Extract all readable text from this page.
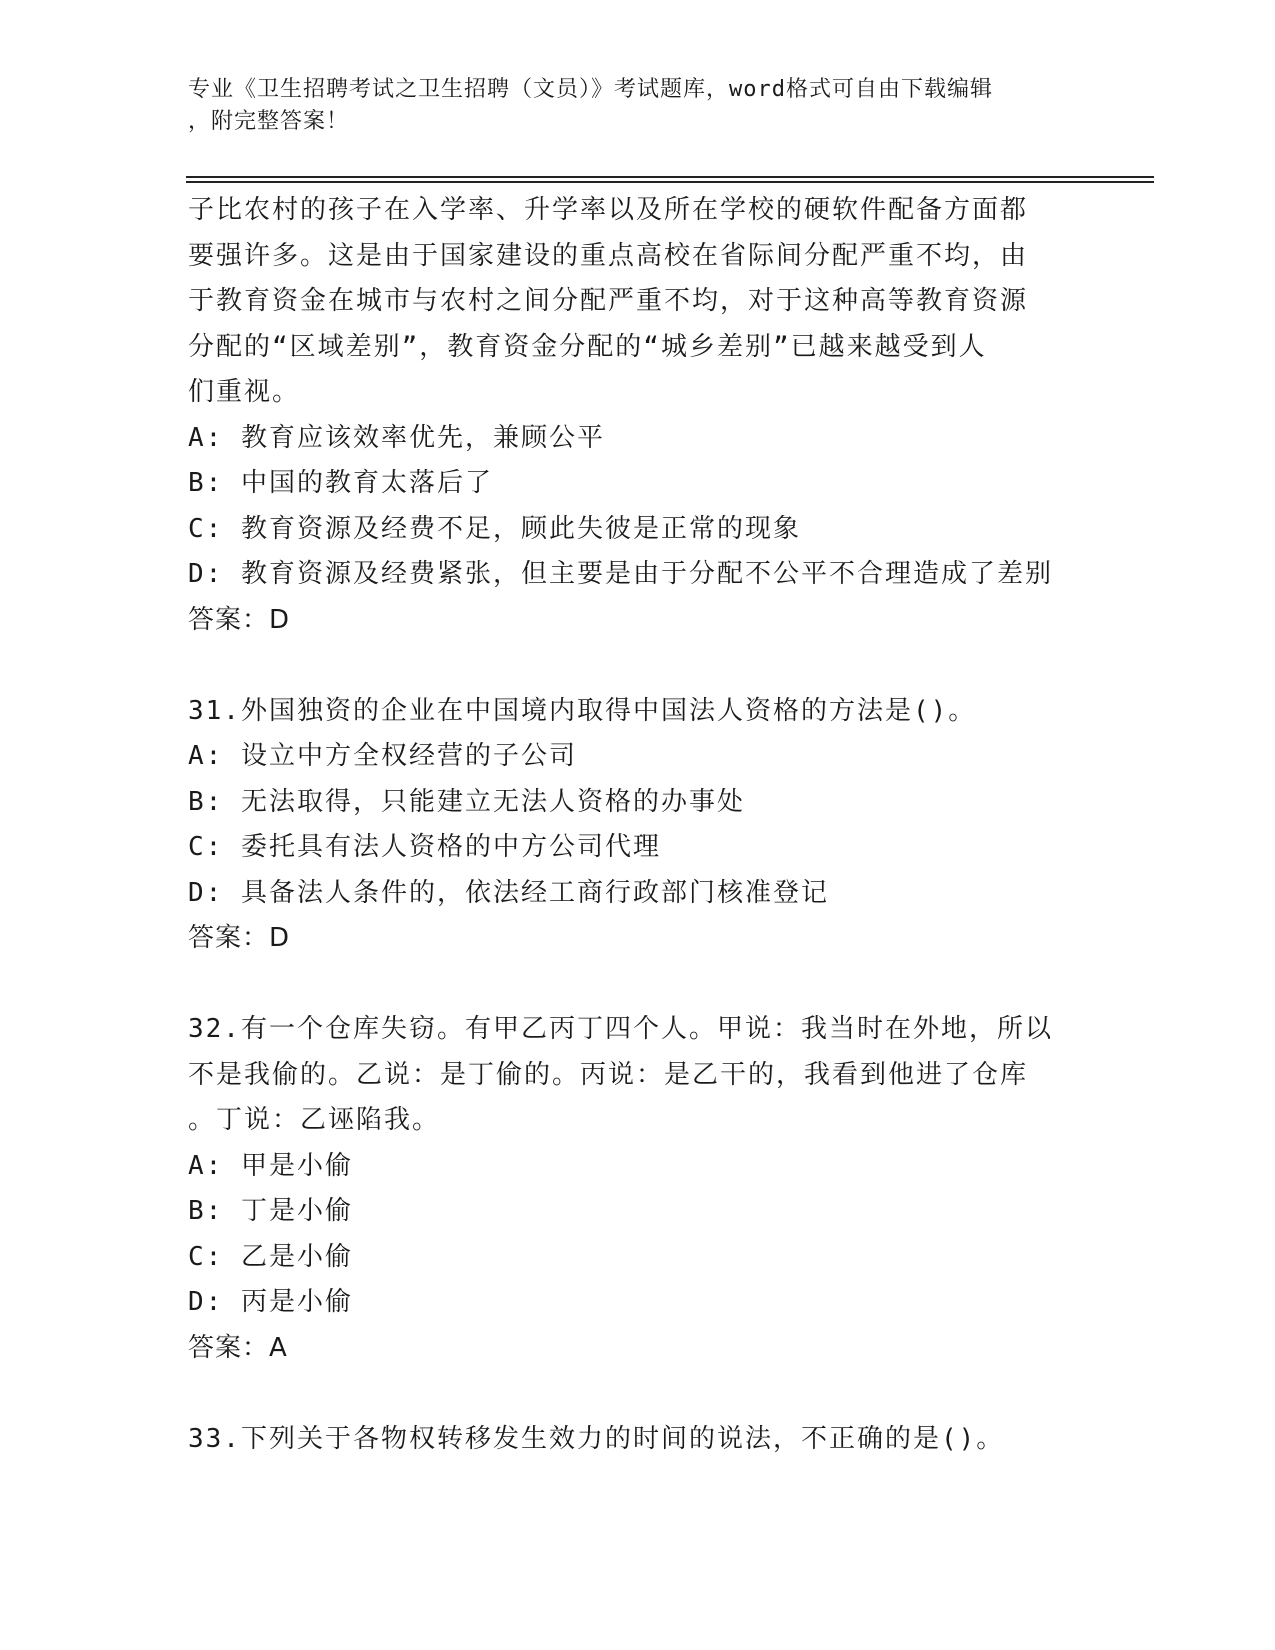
专业《卫生招聘考试之卫生招聘（文员）》考试题库，word格式可自由下载编辑
，附完整答案！
子比农村的孩子在入学率、升学率以及所在学校的硬软件配备方面都
要强许多。这是由于国家建设的重点高校在省际间分配严重不均，由
于教育资金在城市与农村之间分配严重不均，对于这种高等教育资源
分配的“区域差别”，教育资金分配的“城乡差别”已越来越受到人
们重视。
A: 教育应该效率优先，兼顾公平
B: 中国的教育太落后了
C: 教育资源及经费不足，顾此失彼是正常的现象
D: 教育资源及经费紧张，但主要是由于分配不公平不合理造成了差别
答案：D
31.外国独资的企业在中国境内取得中国法人资格的方法是()。
A: 设立中方全权经营的子公司
B: 无法取得，只能建立无法人资格的办事处
C: 委托具有法人资格的中方公司代理
D: 具备法人条件的，依法经工商行政部门核准登记
答案：D
32.有一个仓库失窃。有甲乙丙丁四个人。甲说：我当时在外地，所以
不是我偷的。乙说：是丁偷的。丙说：是乙干的，我看到他进了仓库
。丁说：乙诬陷我。
A: 甲是小偷
B: 丁是小偷
C: 乙是小偷
D: 丙是小偷
答案：A
33.下列关于各物权转移发生效力的时间的说法，不正确的是()。
